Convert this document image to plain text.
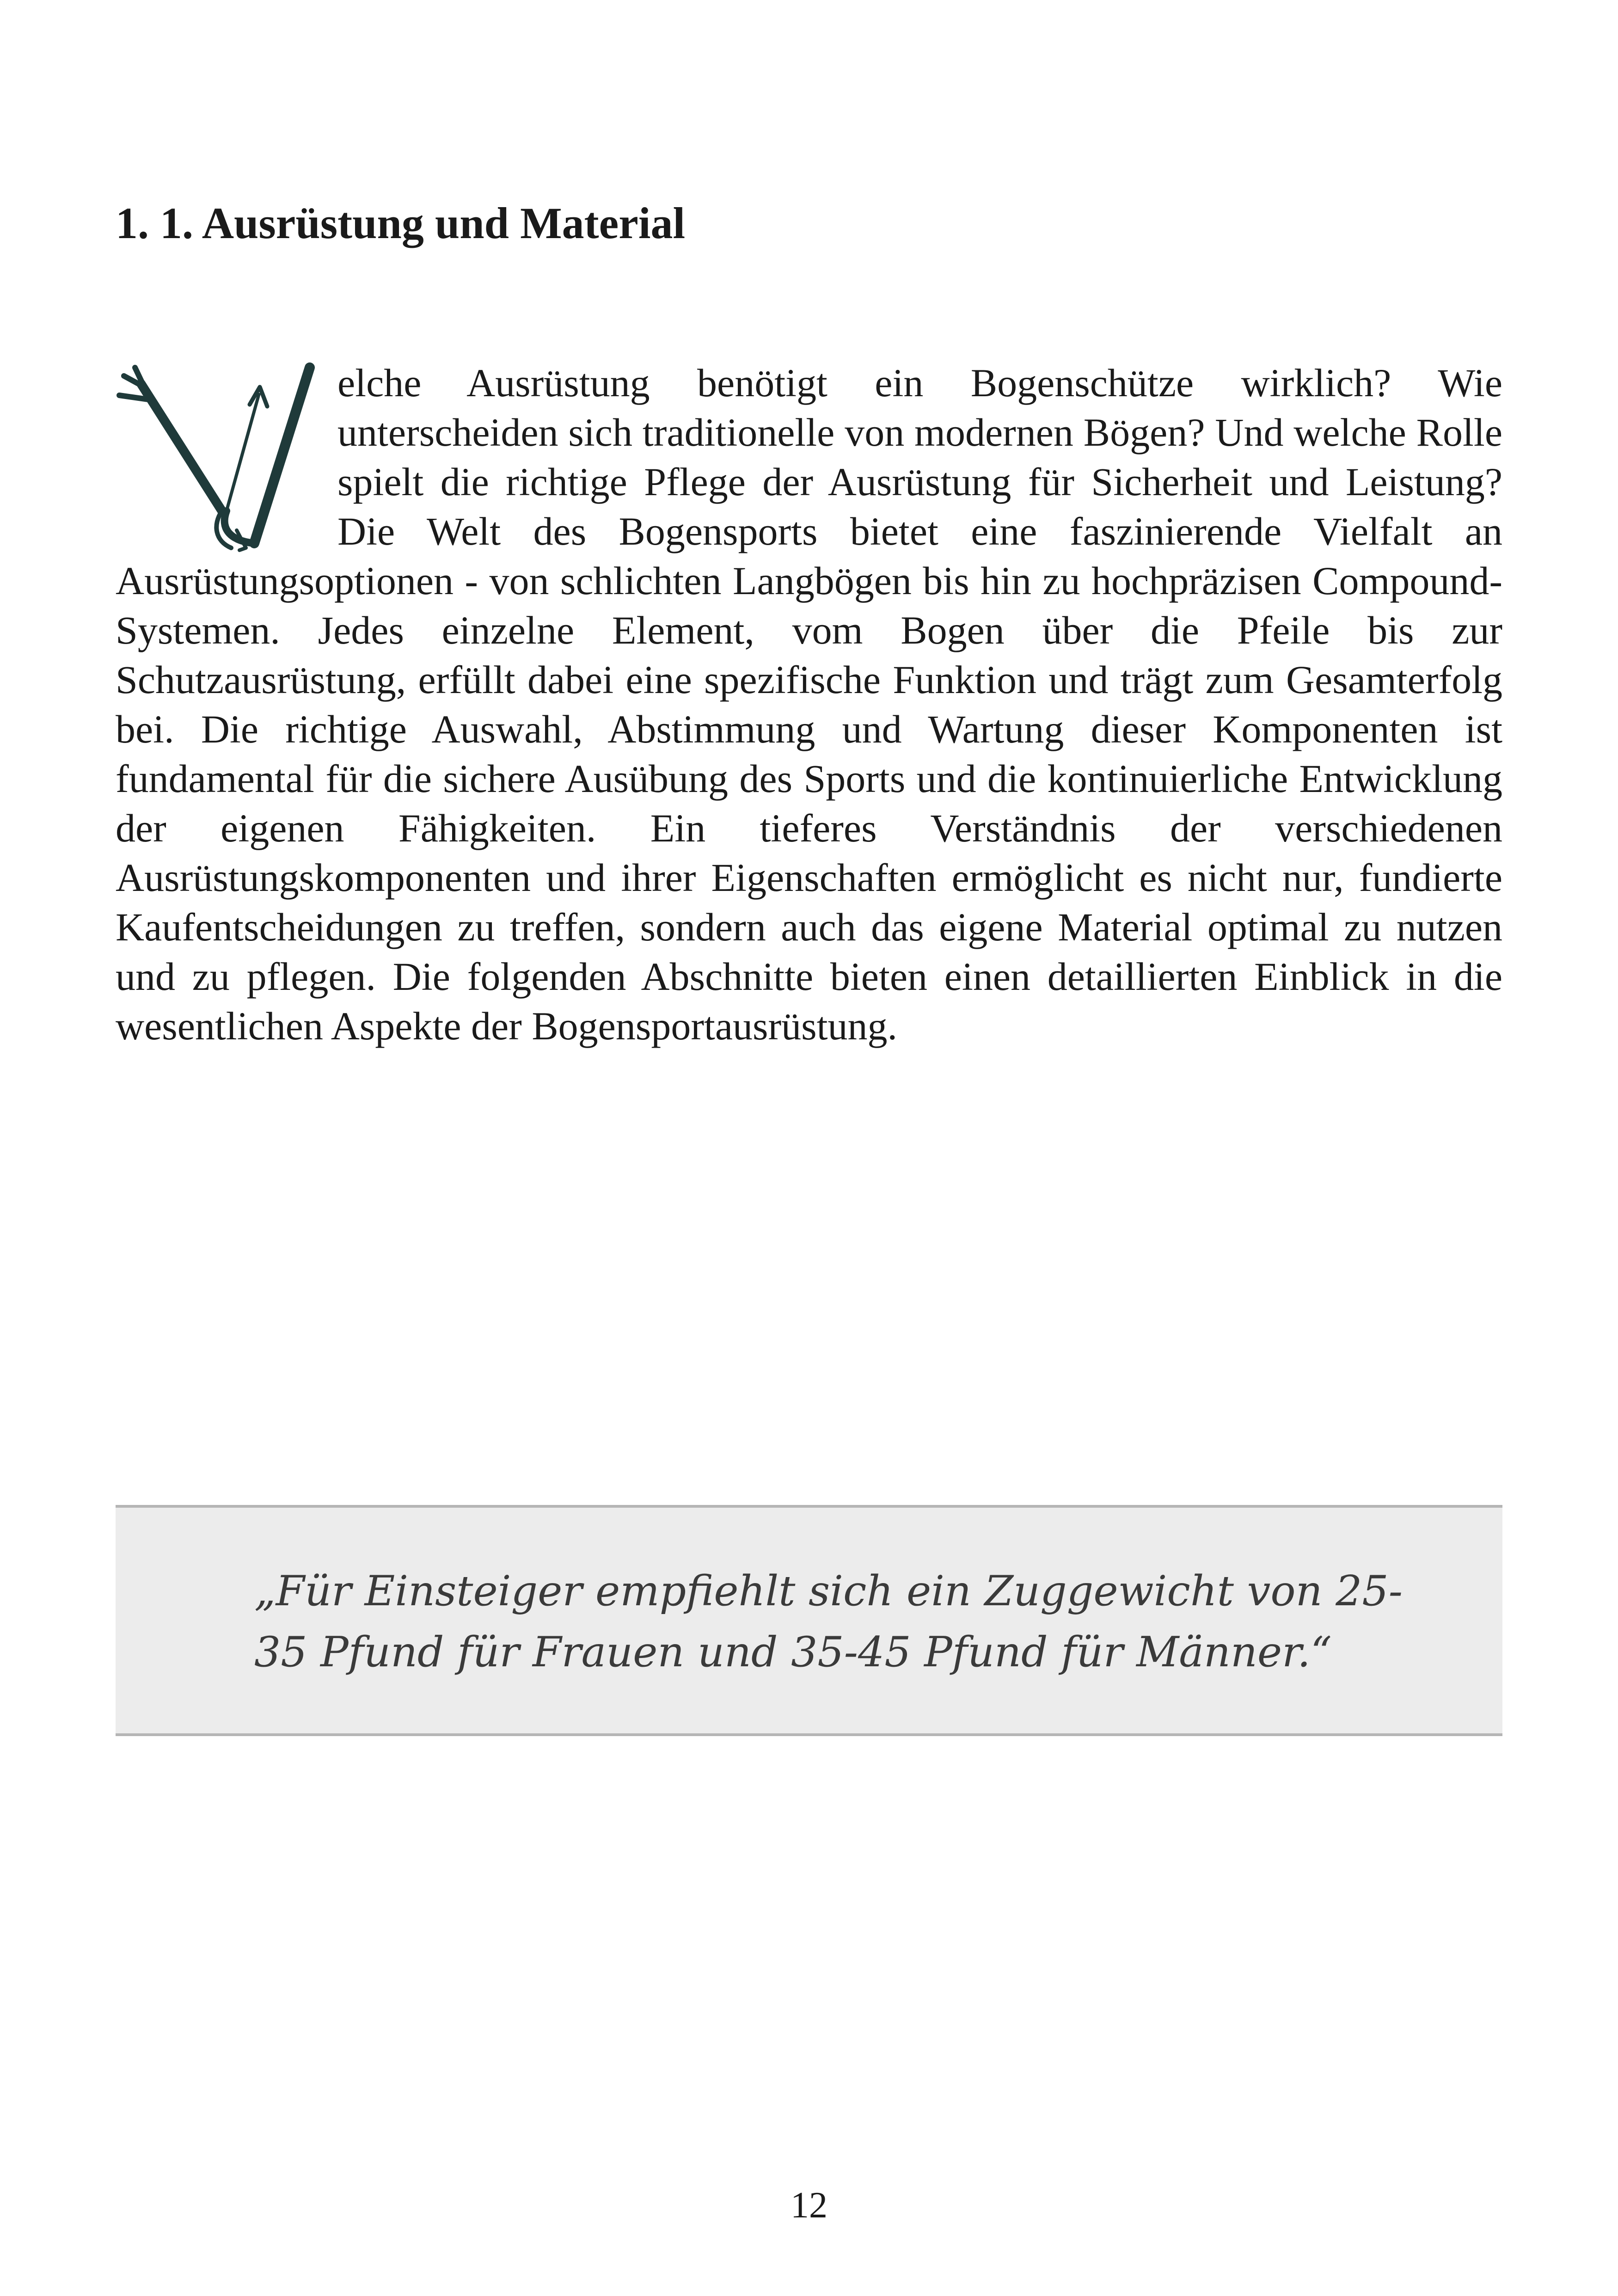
1. 1. Ausrüstung und Material

elche Ausrüstung benötigt ein Bogenschütze wirklich? Wie unterscheiden sich traditionelle von modernen Bögen? Und welche Rolle spielt die richtige Pflege der Ausrüstung für Sicherheit und Leistung? Die Welt des Bogensports bietet eine faszinierende Vielfalt an Ausrüstungsoptionen - von schlichten Langbögen bis hin zu hochpräzisen Compound-Systemen. Jedes einzelne Element, vom Bogen über die Pfeile bis zur Schutzausrüstung, erfüllt dabei eine spezifische Funktion und trägt zum Gesamterfolg bei. Die richtige Auswahl, Abstimmung und Wartung dieser Komponenten ist fundamental für die sichere Ausübung des Sports und die kontinuierliche Entwicklung der eigenen Fähigkeiten. Ein tieferes Verständnis der verschiedenen Ausrüstungskomponenten und ihrer Eigenschaften ermöglicht es nicht nur, fundierte Kaufentscheidungen zu treffen, sondern auch das eigene Material optimal zu nutzen und zu pflegen. Die folgenden Abschnitte bieten einen detaillierten Einblick in die wesentlichen Aspekte der Bogensportausrüstung.

„Für Einsteiger empfiehlt sich ein Zuggewicht von 25-35 Pfund für Frauen und 35-45 Pfund für Männer.“

12
